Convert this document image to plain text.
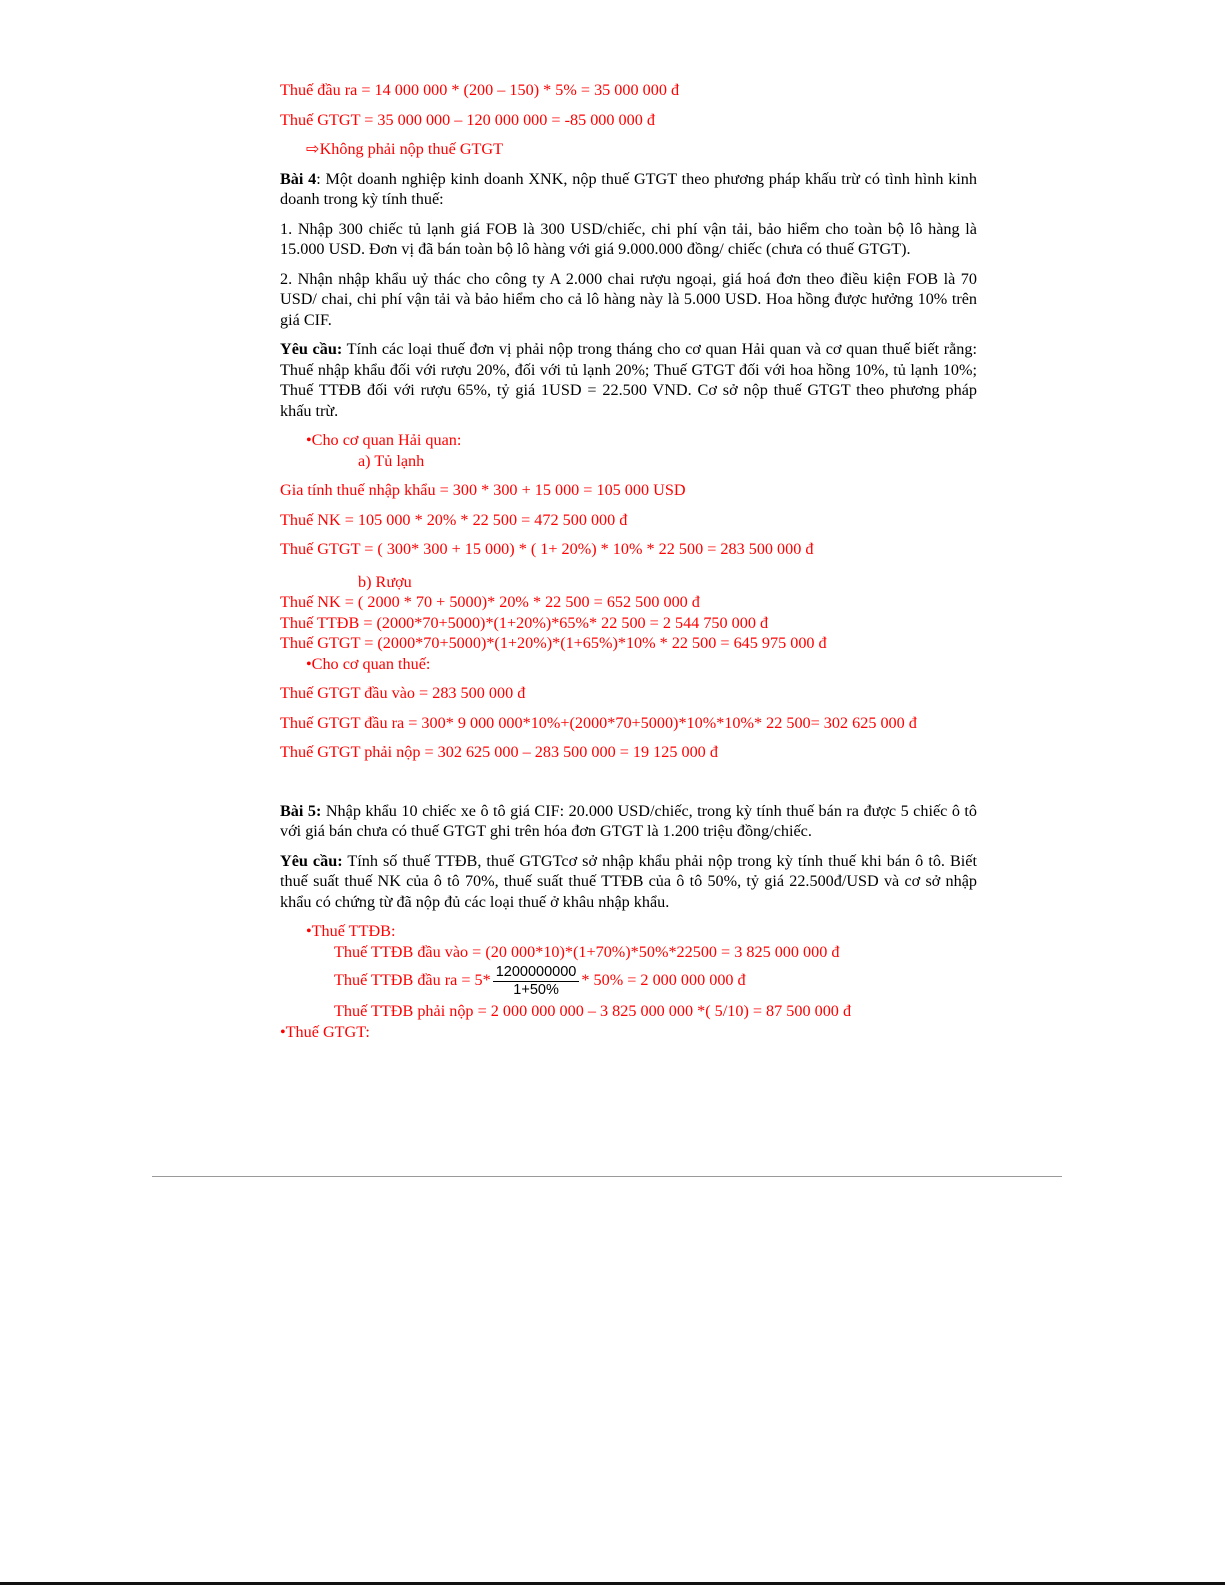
Thuế đầu ra = 14 000 000 * (200 – 150) * 5% = 35 000 000 đ

Thuế GTGT = 35 000 000 – 120 000 000 = -85 000 000 đ

⇨Không phải nộp thuế GTGT

Bài 4: Một doanh nghiệp kinh doanh XNK, nộp thuế GTGT theo phương pháp khấu trừ có tình hình kinh doanh trong kỳ tính thuế:

1. Nhập 300 chiếc tủ lạnh giá FOB là 300 USD/chiếc, chi phí vận tải, bảo hiểm cho toàn bộ lô hàng là 15.000 USD. Đơn vị đã bán toàn bộ lô hàng với giá 9.000.000 đồng/ chiếc (chưa có thuế GTGT).

2. Nhận nhập khẩu uỷ thác cho công ty A 2.000 chai rượu ngoại, giá hoá đơn theo điều kiện FOB là 70 USD/ chai, chi phí vận tải và bảo hiểm cho cả lô hàng này là 5.000 USD. Hoa hồng được hưởng 10% trên giá CIF.

Yêu cầu: Tính các loại thuế đơn vị phải nộp trong tháng cho cơ quan Hải quan và cơ quan thuế biết rằng: Thuế nhập khẩu đối với rượu 20%, đối với tủ lạnh 20%; Thuế GTGT đối với hoa hồng 10%, tủ lạnh 10%; Thuế TTĐB đối với rượu 65%, tỷ giá 1USD = 22.500 VND. Cơ sở nộp thuế GTGT theo phương pháp khấu trừ.

•Cho cơ quan Hải quan:

a) Tủ lạnh

Gia tính thuế nhập khẩu = 300 * 300 + 15 000 = 105 000 USD

Thuế NK = 105 000 * 20% * 22 500 = 472 500 000 đ

Thuế GTGT = ( 300* 300 + 15 000) * ( 1+ 20%) * 10% * 22 500 = 283 500 000 đ

b) Rượu

Thuế NK = ( 2000 * 70 + 5000)* 20% * 22 500 = 652 500 000 đ

Thuế TTĐB = (2000*70+5000)*(1+20%)*65%* 22 500 = 2 544 750 000 đ

Thuế GTGT = (2000*70+5000)*(1+20%)*(1+65%)*10% * 22 500 = 645 975 000 đ

•Cho cơ quan thuế:

Thuế GTGT đầu vào = 283 500 000 đ

Thuế GTGT đầu ra = 300* 9 000 000*10%+(2000*70+5000)*10%*10%* 22 500= 302 625 000 đ

Thuế GTGT phải nộp = 302 625 000 – 283 500 000 = 19 125 000 đ

Bài 5: Nhập khẩu 10 chiếc xe ô tô giá CIF: 20.000 USD/chiếc, trong kỳ tính thuế bán ra được 5 chiếc ô tô với giá bán chưa có thuế GTGT ghi trên hóa đơn GTGT là 1.200 triệu đồng/chiếc.

Yêu cầu: Tính số thuế TTĐB, thuế GTGTcơ sở nhập khẩu phải nộp trong kỳ tính thuế khi bán ô tô. Biết thuế suất thuế NK của ô tô 70%, thuế suất thuế TTĐB của ô tô 50%, tỷ giá 22.500đ/USD và cơ sở nhập khẩu có chứng từ đã nộp đủ các loại thuế ở khâu nhập khẩu.

•Thuế TTĐB:

Thuế TTĐB đầu vào = (20 000*10)*(1+70%)*50%*22500 = 3 825 000 000 đ

Thuế TTĐB đầu ra = $5* \frac{1200000000}{1+50\%} * 50\% = 2$ 000 000 000 đ

Thuế TTĐB phải nộp = 2 000 000 000 – 3 825 000 000 *( 5/10) = 87 500 000 đ

•Thuế GTGT:
